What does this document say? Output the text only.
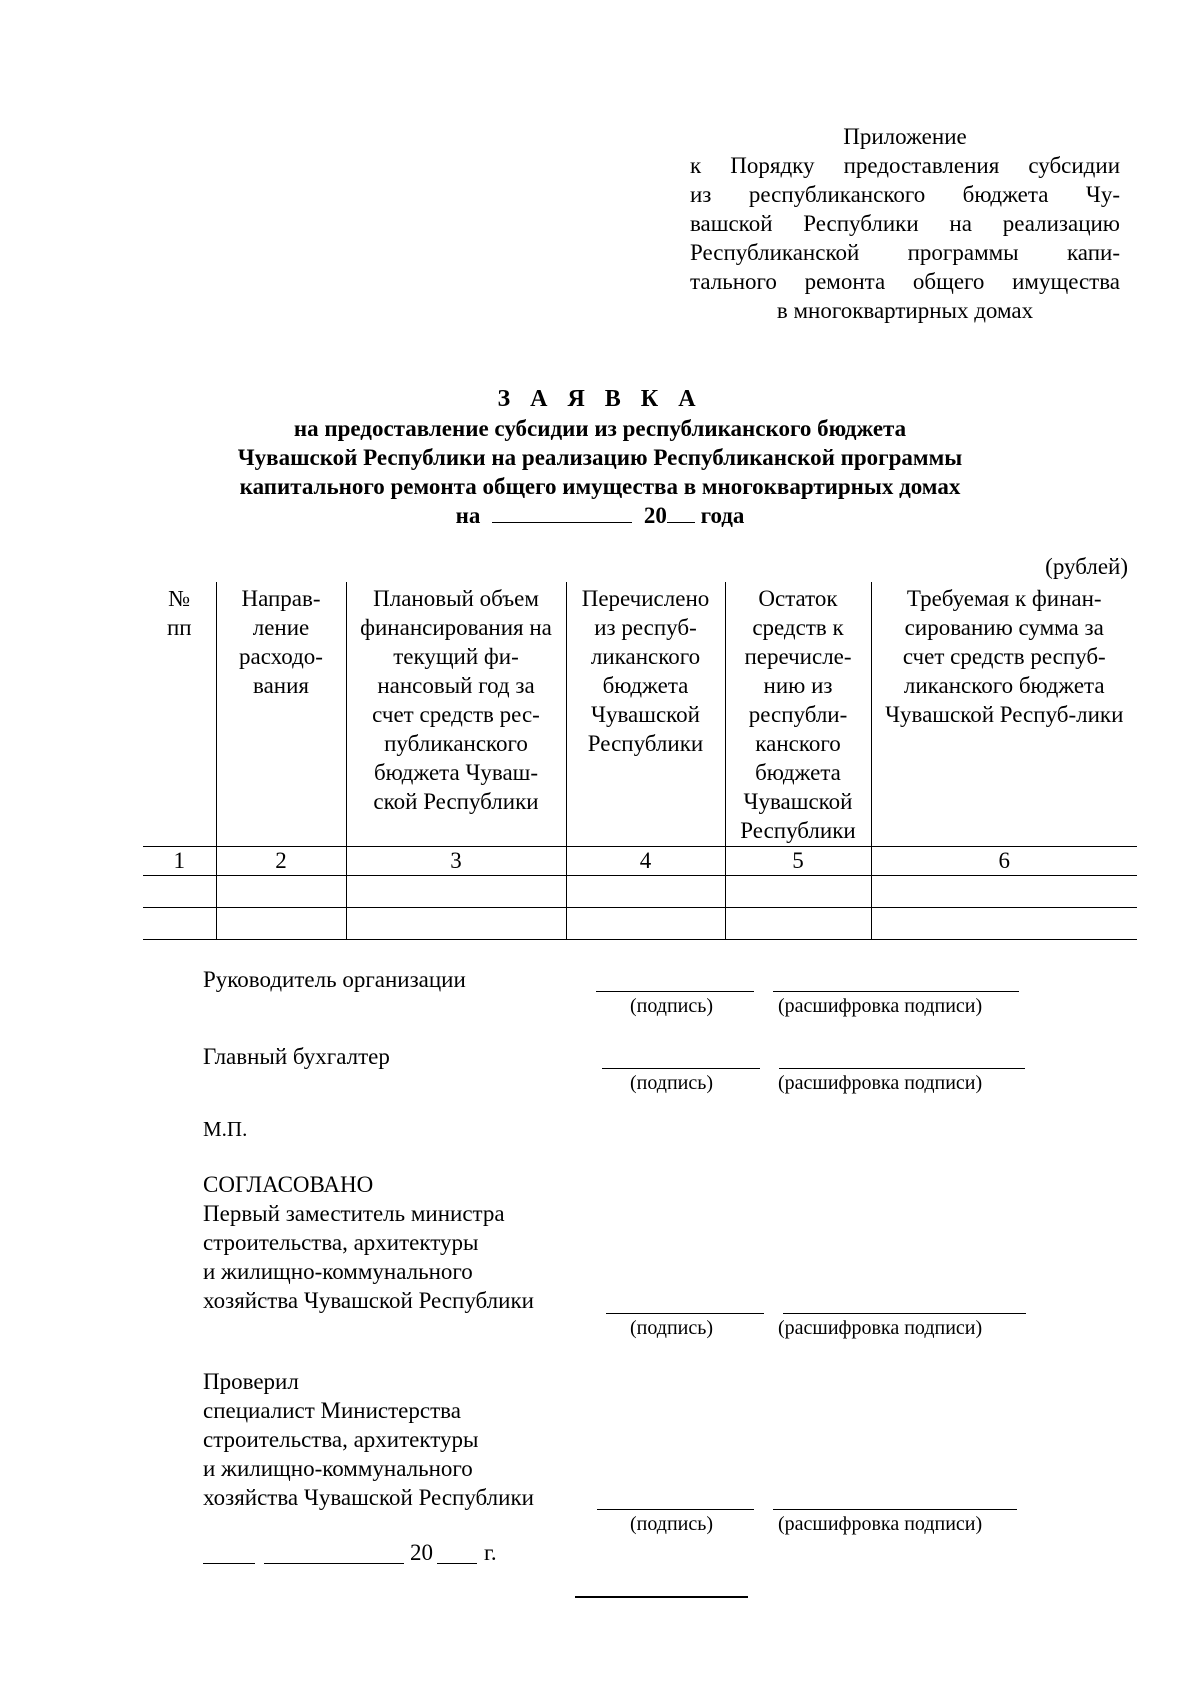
Приложение
к Порядку предоставления субсидии
из республиканского бюджета Чу-
вашской Республики на реализацию
Республиканской программы капи-
тального ремонта общего имущества
в многоквартирных домах
З А Я В К А
на предоставление субсидии из республиканского бюджета
Чувашской Республики на реализацию Республиканской программы
капитального ремонта общего имущества в многоквартирных домах
на	20 года
(рублей)
№ пп	Направ-ление расходо-вания	Плановый объем финансирования на текущий фи-нансовый год за счет средств рес-публиканского бюджета Чуваш-ской Республики	Перечислено из респуб-ликанского бюджета Чувашской Республики	Остаток средств к перечисле-нию из республи-канского бюджета Чувашской Республики	Требуемая к финан-сированию сумма за счет средств респуб-ликанского бюджета Чувашской Респуб-лики
1	2	3	4	5	6

Руководитель организации
(подпись)	(расшифровка подписи)
Главный бухгалтер
(подпись)	(расшифровка подписи)
М.П.
СОГЛАСОВАНО
Первый заместитель министра
строительства, архитектуры
и жилищно-коммунального
хозяйства Чувашской Республики
(подпись)	(расшифровка подписи)
Проверил
специалист Министерства
строительства, архитектуры
и жилищно-коммунального
хозяйства Чувашской Республики
(подпись)	(расшифровка подписи)
20 г.
